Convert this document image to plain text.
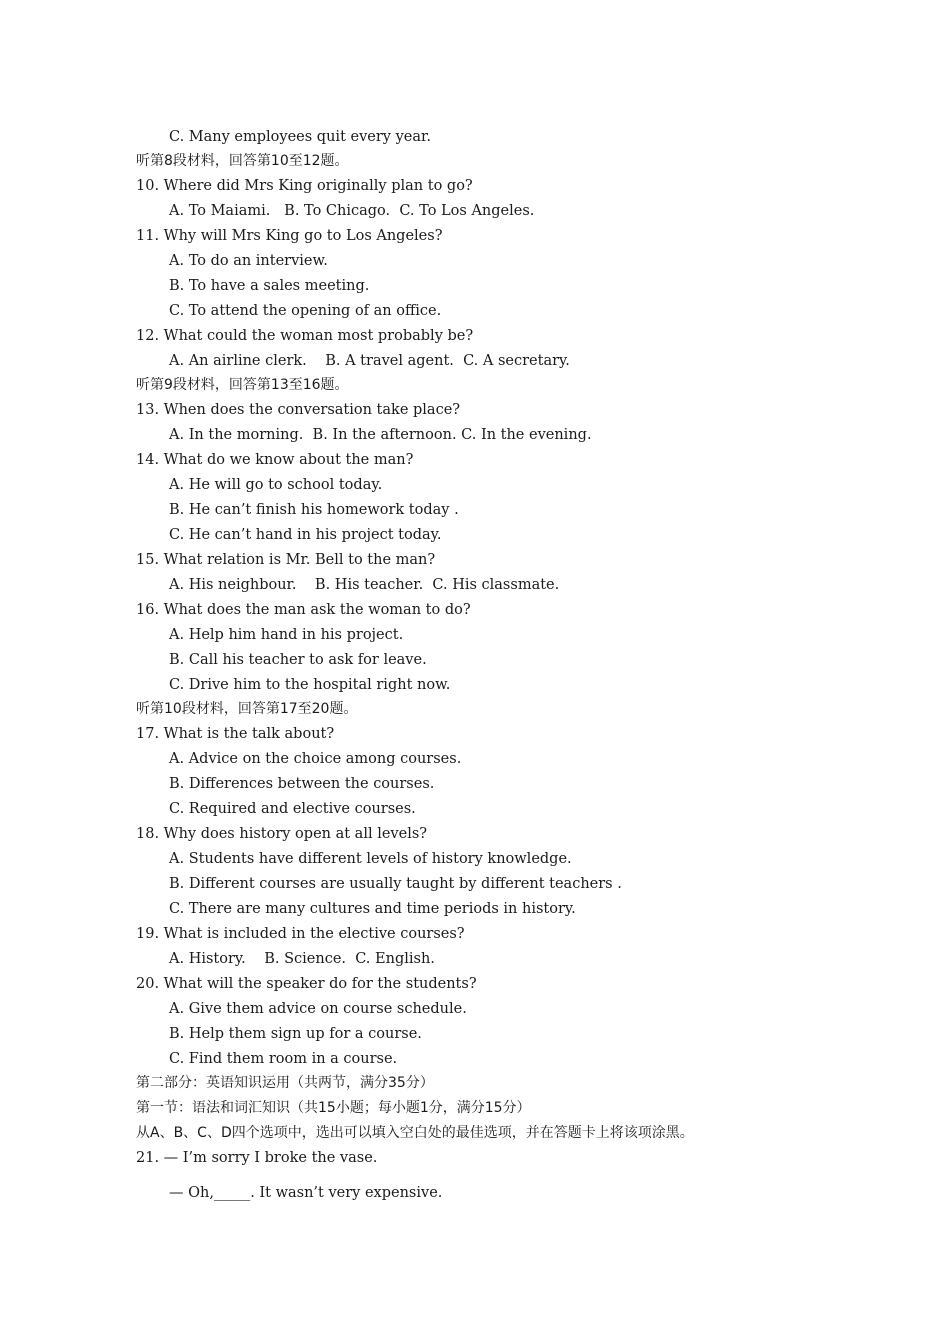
C. Many employees quit every year.
听第8段材料，回答第10至12题。
10. Where did Mrs King originally plan to go?
A. To Maiami.   B. To Chicago.  C. To Los Angeles.
11. Why will Mrs King go to Los Angeles?
A. To do an interview.
B. To have a sales meeting.
C. To attend the opening of an office.
12. What could the woman most probably be?
A. An airline clerk.    B. A travel agent.  C. A secretary.
听第9段材料，回答第13至16题。
13. When does the conversation take place?
A. In the morning.  B. In the afternoon. C. In the evening.
14. What do we know about the man?
A. He will go to school today.
B. He can’t finish his homework today .
C. He can’t hand in his project today.
15. What relation is Mr. Bell to the man?
A. His neighbour.    B. His teacher.  C. His classmate.
16. What does the man ask the woman to do?
A. Help him hand in his project.
B. Call his teacher to ask for leave.
C. Drive him to the hospital right now.
听第10段材料，回答第17至20题。
17. What is the talk about?
A. Advice on the choice among courses.
B. Differences between the courses.
C. Required and elective courses.
18. Why does history open at all levels?
A. Students have different levels of history knowledge.
B. Different courses are usually taught by different teachers .
C. There are many cultures and time periods in history.
19. What is included in the elective courses?
A. History.    B. Science.  C. English.
20. What will the speaker do for the students?
A. Give them advice on course schedule.
B. Help them sign up for a course.
C. Find them room in a course.
第二部分：英语知识运用（共两节，满分35分）
第一节：语法和词汇知识（共15小题；每小题1分，满分15分）
从A、B、C、D四个选项中，选出可以填入空白处的最佳选项，并在答题卡上将该项涂黑。
21. — I’m sorry I broke the vase.
— Oh,_____. It wasn’t very expensive.
